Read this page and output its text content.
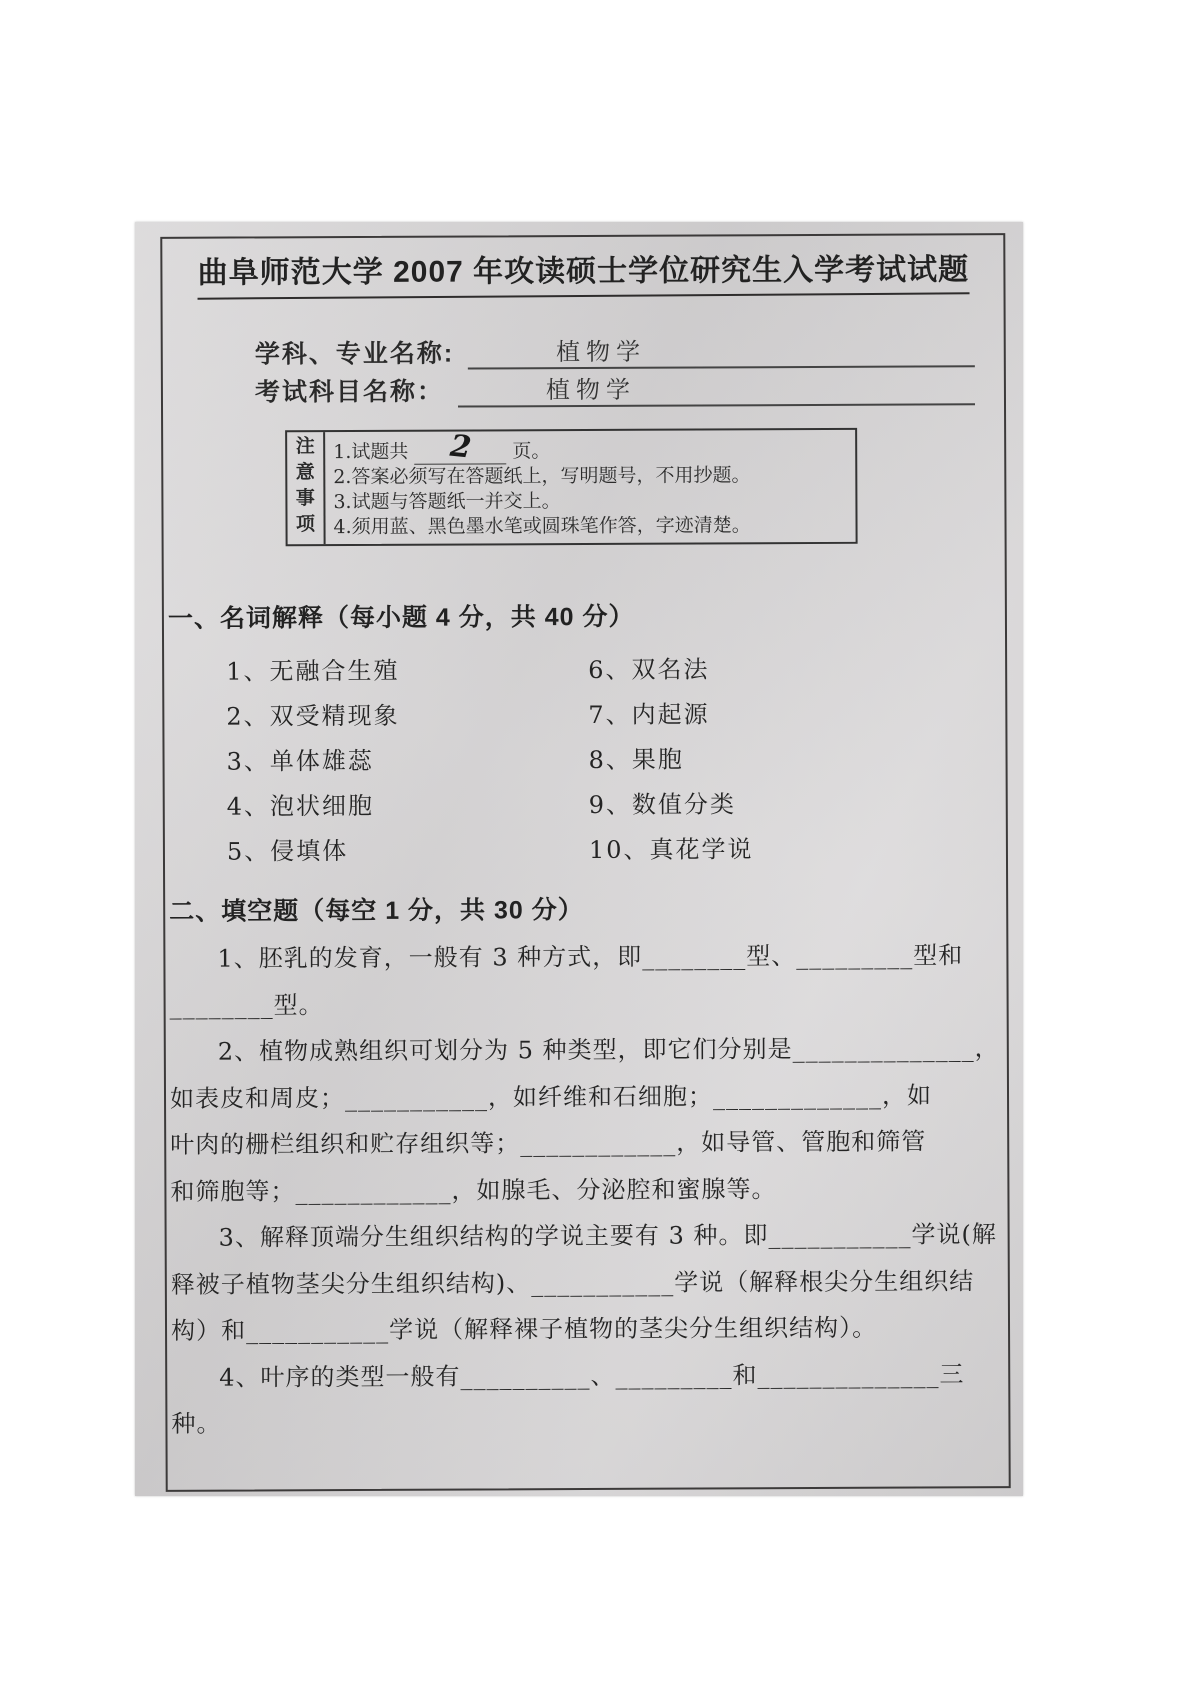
曲阜师范大学 2007 年攻读硕士学位研究生入学考试试题
学科、专业名称:	植物学
考试科目名称：	植物学
注意事项
1.试题共	2	页。
2.答案必须写在答题纸上，写明题号，不用抄题。
3.试题与答题纸一并交上。
4.须用蓝、黑色墨水笔或圆珠笔作答，字迹清楚。
一、名词解释（每小题 4 分，共 40 分）
1、无融合生殖
2、双受精现象
3、单体雄蕊
4、泡状细胞
5、侵填体
6、双名法
7、内起源
8、果胞
9、数值分类
10、真花学说
二、填空题（每空 1 分，共 30 分）
1、胚乳的发育，一般有 3 种方式，即________型、_________型和
________型。
2、植物成熟组织可划分为 5 种类型，即它们分别是______________，
如表皮和周皮；___________，如纤维和石细胞；_____________，如
叶肉的栅栏组织和贮存组织等；____________，如导管、管胞和筛管
和筛胞等；____________，如腺毛、分泌腔和蜜腺等。
3、解释顶端分生组织结构的学说主要有 3 种。即___________学说(解
释被子植物茎尖分生组织结构)、___________学说（解释根尖分生组织结
构）和___________学说（解释裸子植物的茎尖分生组织结构）。
4、叶序的类型一般有__________、_________和______________三
种。
